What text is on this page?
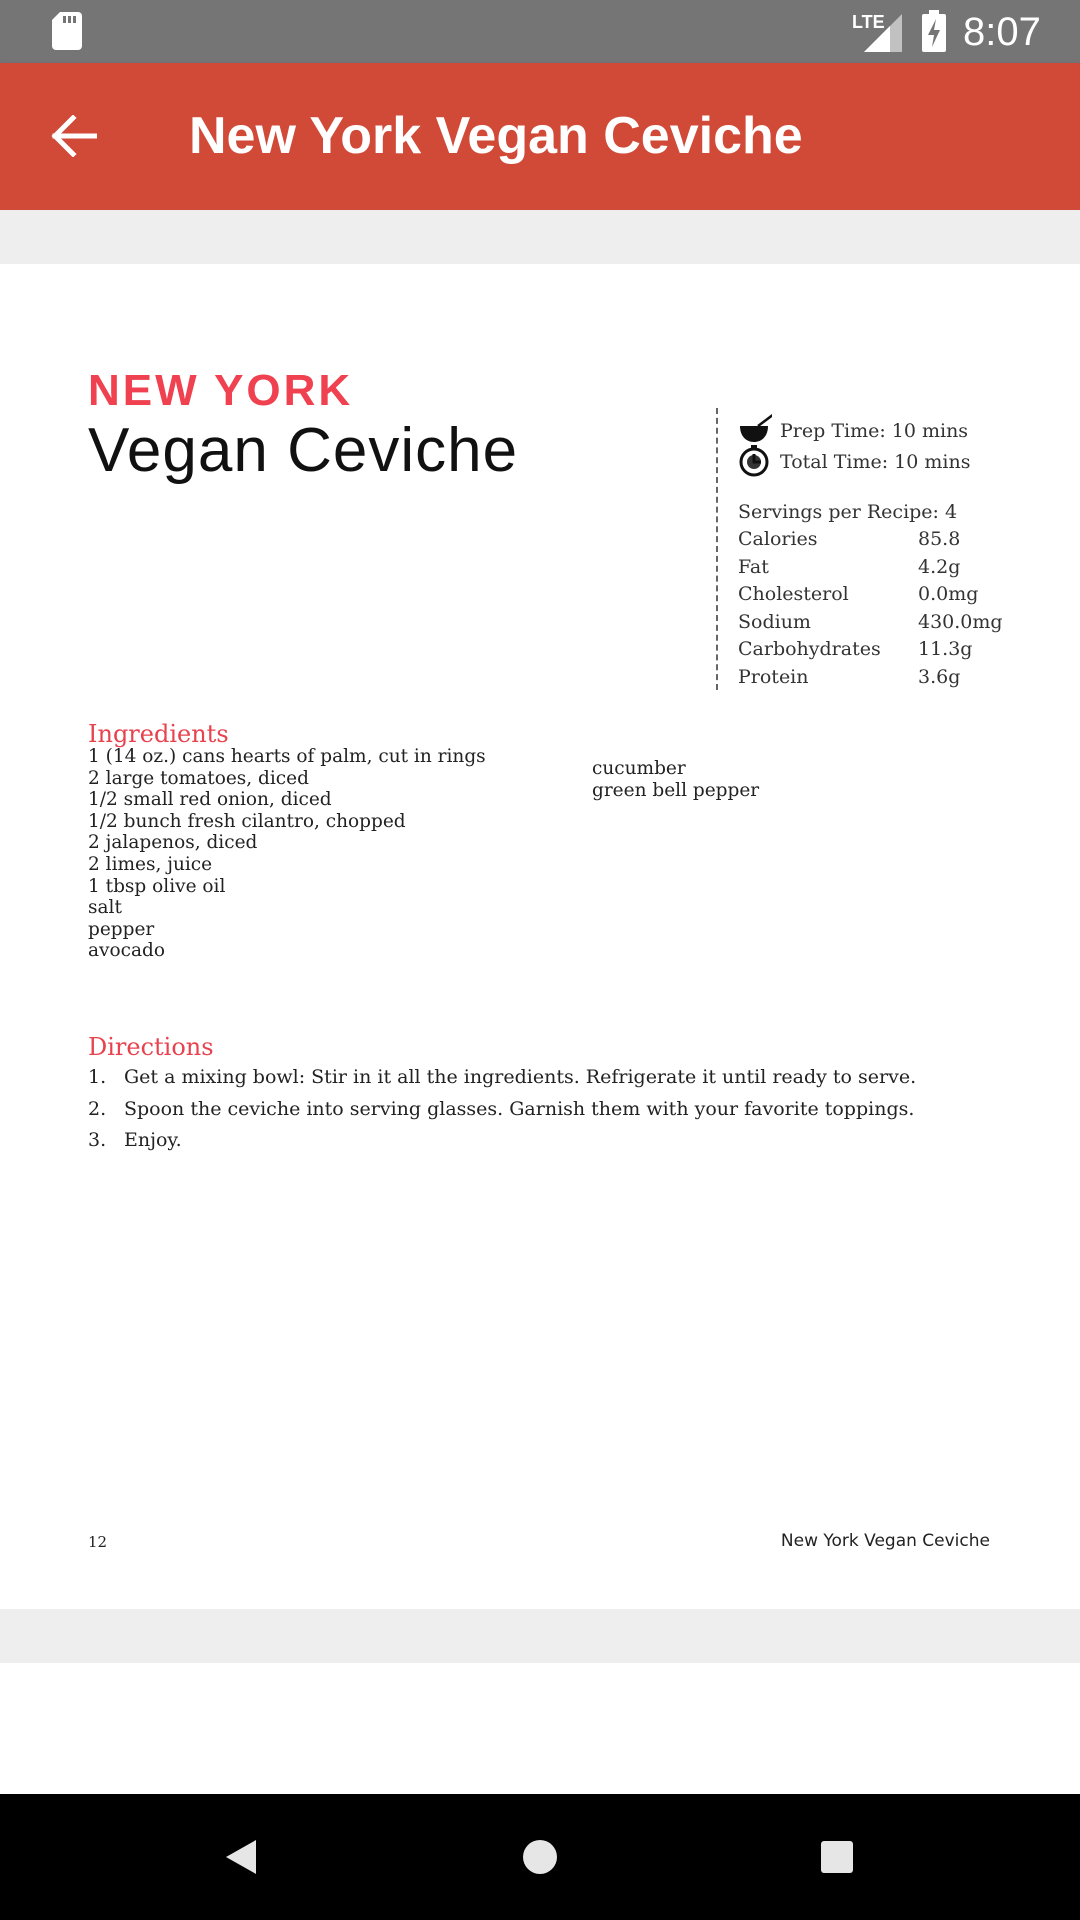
LTE 8:07
New York Vegan Ceviche
NEW YORK
Vegan Ceviche	Prep Time: 10 mins
Total Time: 10 mins
Servings per Recipe: 4
Calories	85.8
Fat	4.2g
Cholesterol	0.0mg
Sodium	430.0mg
Carbohydrates 11.3g
Protein	3.6g
Ingredients
1 (14 oz.) cans hearts of palm, cut in rings
2 large tomatoes, diced
1/2 small red onion, diced
1/2 bunch fresh cilantro, chopped
2 jalapenos, diced
2 limes, juice
1 tbsp olive oil
salt
pepper
avocado
cucumber
green bell pepper
Directions
1. Get a mixing bowl: Stir in it all the ingredients. Refrigerate it until ready to serve.
2. Spoon the ceviche into serving glasses. Garnish them with your favorite toppings.
3. Enjoy.
12	New York Vegan Ceviche
